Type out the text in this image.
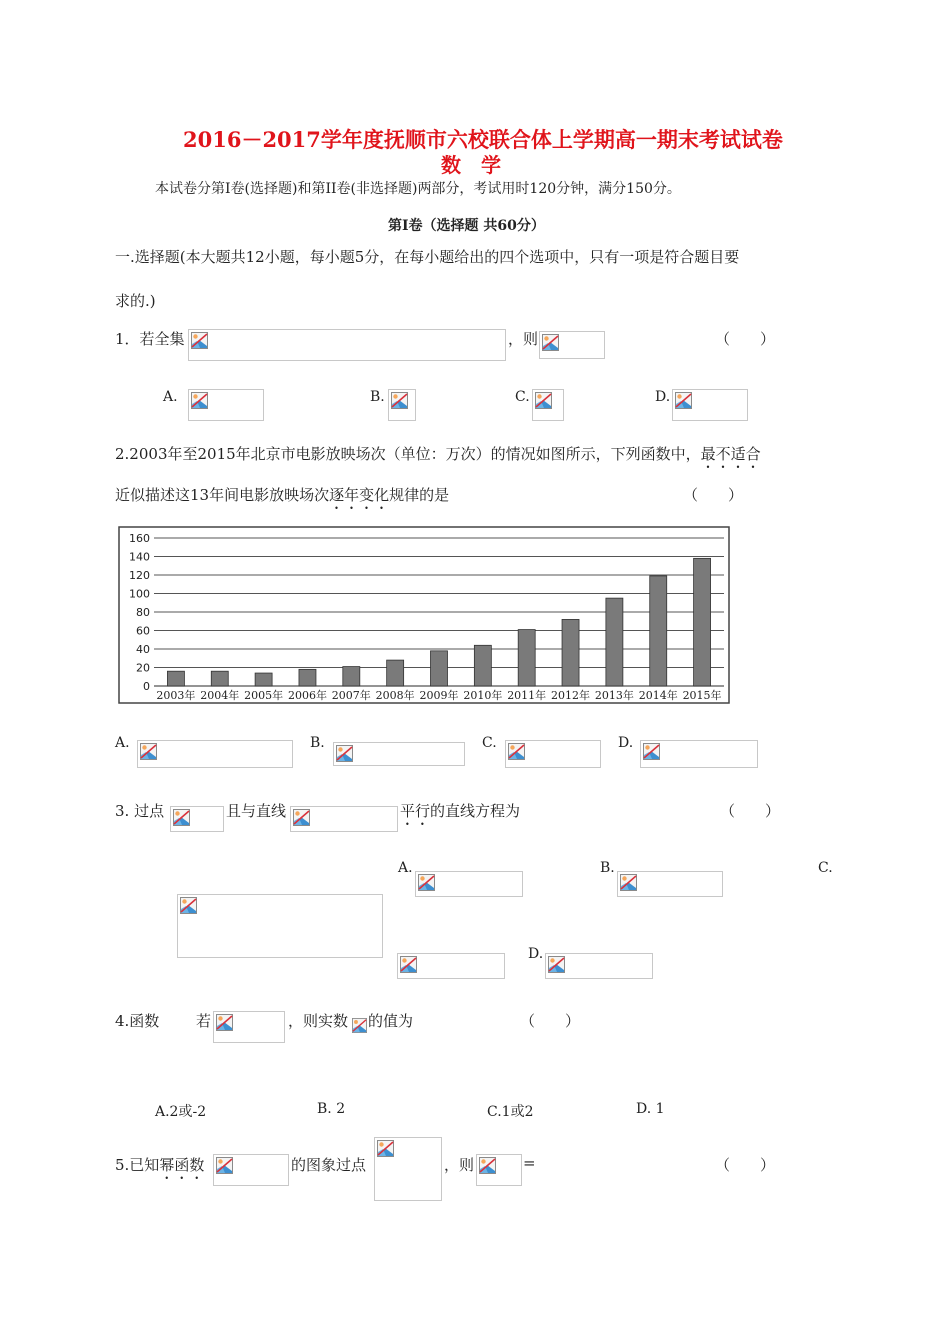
2016－2017学年度抚顺市六校联合体上学期高一期末考试试卷
数　学
本试卷分第Ⅰ卷(选择题)和第II卷(非选择题)两部分，考试用时120分钟，满分150分。
第Ⅰ卷（选择题 共60分）
一.选择题(本大题共12小题，每小题5分，在每小题给出的四个选项中，只有一项是符合题目要
求的.)
1．若全集	，则	（　　）
A.	B.	C.	D.
2.2003年至2015年北京市电影放映场次（单位：万次）的情况如图所示，下列函数中，最不适合
近似描述这13年间电影放映场次逐年变化规律的是	（　　）
0
20
40
60
80
100
120
140
160
2003年 2004年 2005年 2006年 2007年 2008年 2009年 2010年 2011年 2012年 2013年 2014年 2015年
A.	B.	C.	D.
3. 过点	且与直线	平行的直线方程为	（　　）
A.	B.	C.
D.
4.函数 若	，则实数 的值为	（　　）
A.2或-2	B. 2	C.1或2	D. 1
5.已知幂函数	的图象过点	，则	=	（　　）
